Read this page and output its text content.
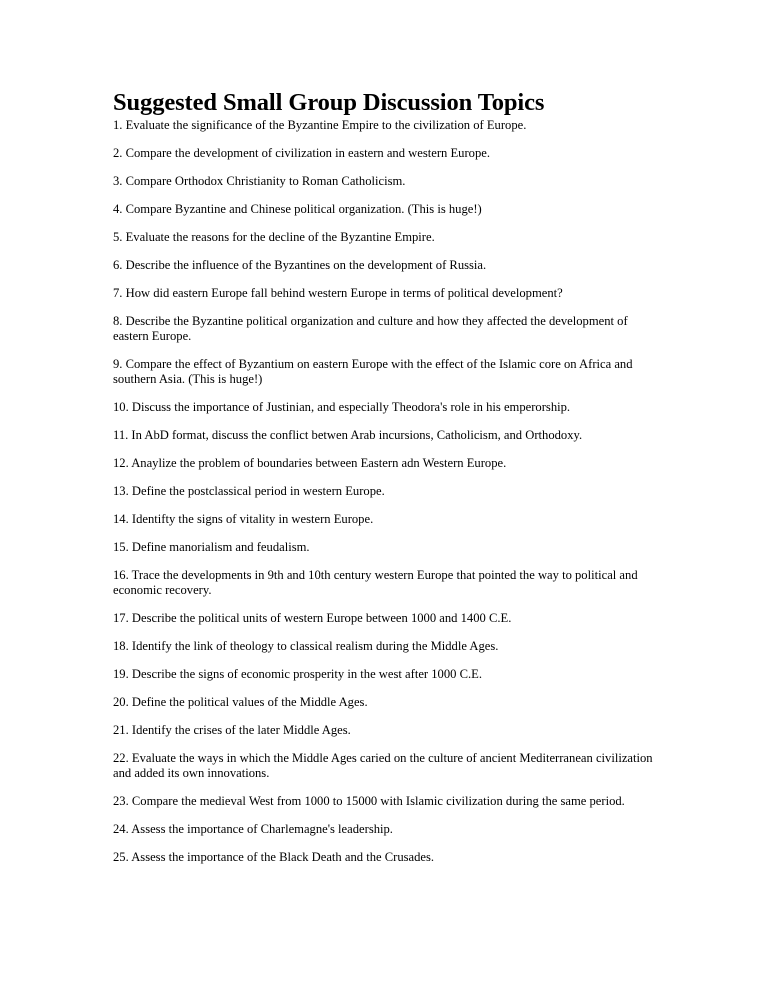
Suggested Small Group Discussion Topics
1. Evaluate the significance of the Byzantine Empire to the civilization of Europe.
2. Compare the development of civilization in eastern and western Europe.
3. Compare Orthodox Christianity to Roman Catholicism.
4. Compare Byzantine and Chinese political organization. (This is huge!)
5. Evaluate the reasons for the decline of the Byzantine Empire.
6. Describe the influence of the Byzantines on the development of Russia.
7. How did eastern Europe fall behind western Europe in terms of political development?
8. Describe the Byzantine political organization and culture and how they affected the development of eastern Europe.
9. Compare the effect of Byzantium on eastern Europe with the effect of the Islamic core on Africa and southern Asia. (This is huge!)
10. Discuss the importance of Justinian, and especially Theodora's role in his emperorship.
11. In AbD format, discuss the conflict betwen Arab incursions, Catholicism, and Orthodoxy.
12. Anaylize the problem of boundaries between Eastern adn Western Europe.
13. Define the postclassical period in western Europe.
14. Identifty the signs of vitality in western Europe.
15. Define manorialism and feudalism.
16. Trace the developments in 9th and 10th century western Europe that pointed the way to political and economic recovery.
17. Describe the political units of western Europe between 1000 and 1400 C.E.
18. Identify the link of theology to classical realism during the Middle Ages.
19. Describe the signs of economic prosperity in the west after 1000 C.E.
20. Define the political values of the Middle Ages.
21. Identify the crises of the later Middle Ages.
22. Evaluate the ways in which the Middle Ages caried on the culture of ancient Mediterranean civilization and added its own innovations.
23. Compare the medieval West from 1000 to 15000 with Islamic civilization during the same period.
24. Assess the importance of Charlemagne's leadership.
25. Assess the importance of the Black Death and the Crusades.
